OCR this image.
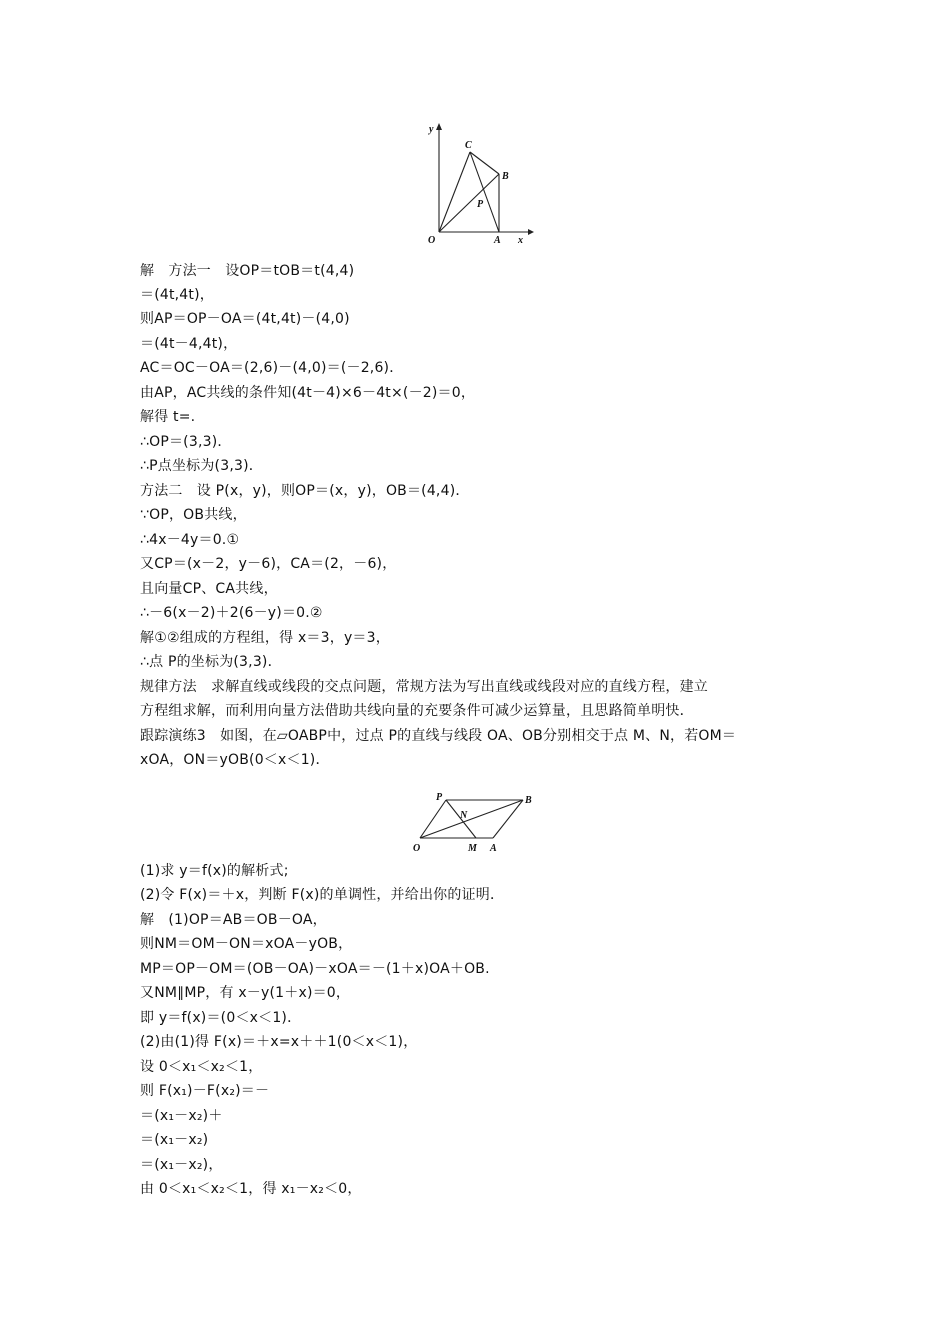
y
x
O	A
B
C
P
解　方法一　设OP＝tOB＝t(4,4)
＝(4t,4t)，
则AP＝OP－OA＝(4t,4t)－(4,0)
＝(4t－4,4t)，
AC＝OC－OA＝(2,6)－(4,0)＝(－2,6)．
由AP，AC共线的条件知(4t－4)×6－4t×(－2)＝0，
解得 t=.
∴OP＝(3,3)．
∴P点坐标为(3,3)．
方法二　设 P(x，y)，则OP＝(x，y)，OB＝(4,4)．
∵OP，OB共线，
∴4x－4y＝0.①
又CP＝(x－2，y－6)，CA＝(2，－6)，
且向量CP、CA共线，
∴－6(x－2)＋2(6－y)＝0.②
解①②组成的方程组，得 x＝3，y＝3，
∴点 P的坐标为(3,3)．
规律方法　求解直线或线段的交点问题，常规方法为写出直线或线段对应的直线方程，建立
方程组求解，而利用向量方法借助共线向量的充要条件可减少运算量，且思路简单明快．
跟踪演练3　如图，在▱OABP中，过点 P的直线与线段 OA、OB分别相交于点 M、N，若OM＝
xOA，ON＝yOB(0＜x＜1)．
P	B
N
O	M A
(1)求 y＝f(x)的解析式;
(2)令 F(x)＝＋x，判断 F(x)的单调性，并给出你的证明．
解　(1)OP＝AB＝OB－OA，
则NM＝OM－ON＝xOA－yOB，
MP＝OP－OM＝(OB－OA)－xOA＝－(1＋x)OA＋OB.
又NM∥MP，有 x－y(1＋x)＝0，
即 y＝f(x)＝(0＜x＜1)．
(2)由(1)得 F(x)＝＋x=x＋＋1(0＜x＜1)，
设 0＜x₁＜x₂＜1，
则 F(x₁)－F(x₂)＝－
＝(x₁－x₂)＋
＝(x₁－x₂)
＝(x₁－x₂)，
由 0＜x₁＜x₂＜1，得 x₁－x₂＜0，
